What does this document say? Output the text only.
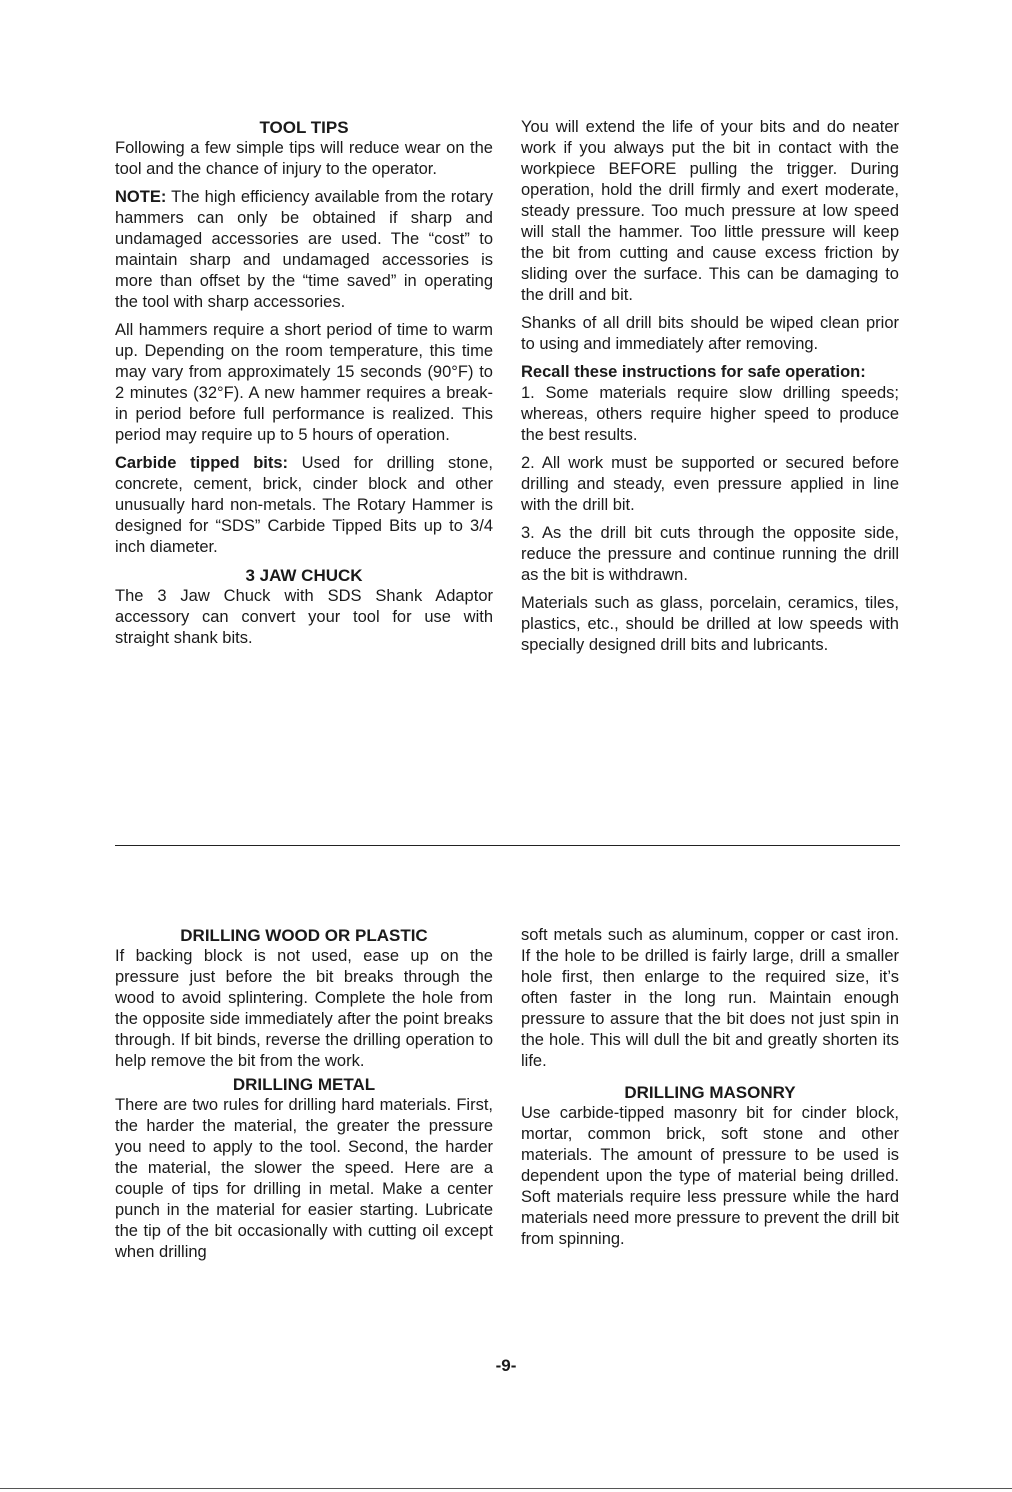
TOOL TIPS

Following a few simple tips will reduce wear on the tool and the chance of injury to the operator.

NOTE: The high efficiency available from the rotary hammers can only be obtained if sharp and undamaged accessories are used. The “cost” to maintain sharp and undamaged accessories is more than offset by the “time saved” in operating the tool with sharp accessories.

All hammers require a short period of time to warm up. Depending on the room temperature, this time may vary from approximately 15 seconds (90°F) to 2 minutes (32°F). A new hammer requires a break-in period before full performance is realized. This period may require up to 5 hours of operation.

Carbide tipped bits: Used for drilling stone, concrete, cement, brick, cinder block and other unusually hard non-metals. The Rotary Hammer is designed for “SDS” Carbide Tipped Bits up to 3/4 inch diameter.

3 JAW CHUCK

The 3 Jaw Chuck with SDS Shank Adaptor accessory can convert your tool for use with straight shank bits.

You will extend the life of your bits and do neater work if you always put the bit in contact with the workpiece BEFORE pulling the trigger. During operation, hold the drill firmly and exert moderate, steady pressure. Too much pressure at low speed will stall the hammer. Too little pressure will keep the bit from cutting and cause excess friction by sliding over the surface. This can be damaging to the drill and bit.

Shanks of all drill bits should be wiped clean prior to using and immediately after removing.

Recall these instructions for safe operation:

1. Some materials require slow drilling speeds; whereas, others require higher speed to produce the best results.

2. All work must be supported or secured before drilling and steady, even pressure applied in line with the drill bit.

3. As the drill bit cuts through the opposite side, reduce the pressure and continue running the drill as the bit is withdrawn.

Materials such as glass, porcelain, ceramics, tiles, plastics, etc., should be drilled at low speeds with specially designed drill bits and lubricants.

DRILLING WOOD OR PLASTIC

If backing block is not used, ease up on the pressure just before the bit breaks through the wood to avoid splintering. Complete the hole from the opposite side immediately after the point breaks through. If bit binds, reverse the drilling operation to help remove the bit from the work.

DRILLING METAL

There are two rules for drilling hard materials. First, the harder the material, the greater the pressure you need to apply to the tool. Second, the harder the material, the slower the speed. Here are a couple of tips for drilling in metal. Make a center punch in the material for easier starting. Lubricate the tip of the bit occasionally with cutting oil except when drilling

soft metals such as aluminum, copper or cast iron. If the hole to be drilled is fairly large, drill a smaller hole first, then enlarge to the required size, it’s often faster in the long run. Maintain enough pressure to assure that the bit does not just spin in the hole. This will dull the bit and greatly shorten its life.

DRILLING MASONRY

Use carbide-tipped masonry bit for cinder block, mortar, common brick, soft stone and other materials. The amount of pressure to be used is dependent upon the type of material being drilled. Soft materials require less pressure while the hard materials need more pressure to prevent the drill bit from spinning.

-9-
